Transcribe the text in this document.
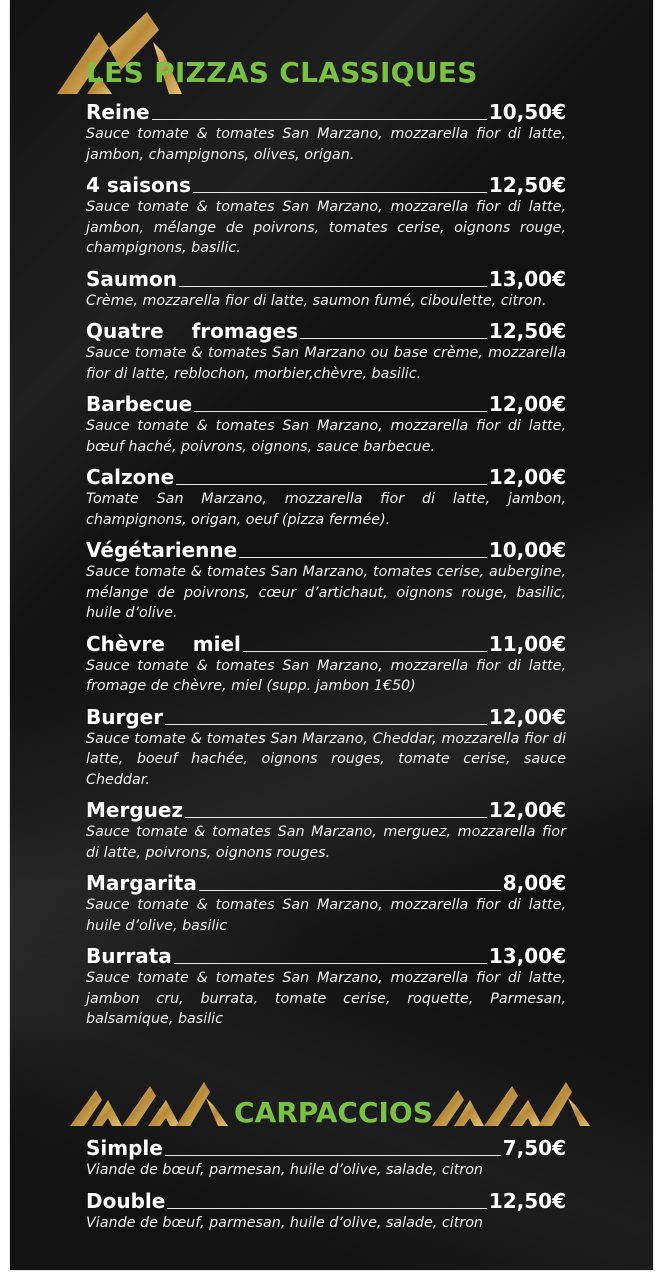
LES PIZZAS CLASSIQUES
Reine	10,50€
Sauce tomate & tomates San Marzano, mozzarella fior di latte, jambon, champignons, olives, origan.
4 saisons	12,50€
Sauce tomate & tomates San Marzano, mozzarella fior di latte, jambon, mélange de poivrons, tomates cerise, oignons rouge, champignons, basilic.
Saumon	13,00€
Crème, mozzarella fior di latte, saumon fumé, ciboulette, citron.
Quatre    fromages	12,50€
Sauce tomate & tomates San Marzano ou base crème, mozzarella fior di latte, reblochon, morbier,chèvre, basilic.
Barbecue	12,00€
Sauce tomate & tomates San Marzano, mozzarella fior di latte, bœuf haché, poivrons, oignons, sauce barbecue.
Calzone	12,00€
Tomate San Marzano, mozzarella fior di latte, jambon, champignons, origan, oeuf (pizza fermée).
Végétarienne	10,00€
Sauce tomate & tomates San Marzano, tomates cerise, aubergine, mélange de poivrons, cœur d’artichaut, oignons rouge, basilic, huile d’olive.
Chèvre    miel	11,00€
Sauce tomate & tomates San Marzano, mozzarella fior di latte, fromage de chèvre, miel (supp. jambon 1€50)
Burger	12,00€
Sauce tomate & tomates San Marzano, Cheddar, mozzarella fior di latte, boeuf hachée, oignons rouges, tomate cerise, sauce Cheddar.
Merguez	12,00€
Sauce tomate & tomates San Marzano, merguez, mozzarella fior di latte, poivrons, oignons rouges.
Margarita	8,00€
Sauce tomate & tomates San Marzano, mozzarella fior di latte, huile d’olive, basilic
Burrata	13,00€
Sauce tomate & tomates San Marzano, mozzarella fior di latte, jambon cru, burrata, tomate cerise, roquette, Parmesan, balsamique, basilic
CARPACCIOS
Simple	7,50€
Viande de bœuf, parmesan, huile d’olive, salade, citron
Double	12,50€
Viande de bœuf, parmesan, huile d’olive, salade, citron
